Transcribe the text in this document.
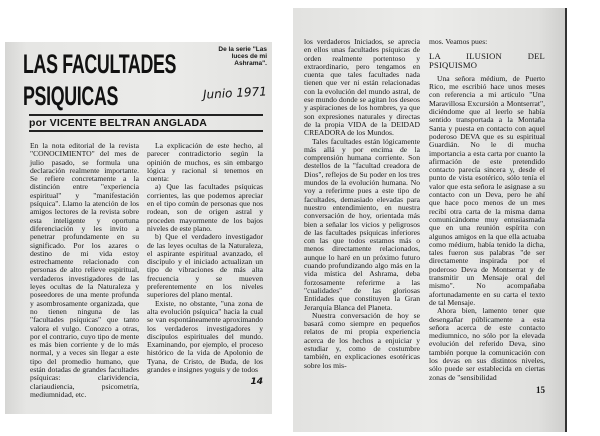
LAS FACULTADES
PSIQUICAS
De la serie "Las luces de mi Ashrama".
Junio 1971
por VICENTE BELTRAN ANGLADA

En la nota editorial de la revista "CONOCIMIENTO" del mes de julio pasado, se formula una declaración realmente importante. Se refiere concretamente a la distinción entre "experiencia espiritual" y "manifestación psíquica". Llamo la atención de los amigos lectores de la revista sobre esta inteligente y oportuna diferenciación y les invito a penetrar profundamente en su significado. Por los azares o destino de mi vida estoy estrechamente relacionado con personas de alto relieve espiritual, verdaderos investigadores de las leyes ocultas de la Naturaleza y poseedores de una mente profunda y asombrosamente organizada, que no tienen ninguna de las "facultades psíquicas" que tanto valora el vulgo. Conozco a otras, por el contrario, cuyo tipo de mente es más bien corriente y de lo más normal, y a veces sin llegar a este tipo del promedio humano, que están dotadas de grandes facultades psíquicas: clarividencia, clariaudiencia, psicometría, mediumnidad, etc.

La explicación de este hecho, al parecer contradictorio según la opinión de muchos, es sin embargo lógica y racional si tenemos en cuenta:

a) Que las facultades psíquicas corrientes, las que podemos apreciar en el tipo común de personas que nos rodean, son de origen astral y proceden mayormente de los bajos niveles de este plano.

b) Que el verdadero investigador de las leyes ocultas de la Naturaleza, el aspirante espiritual avanzado, el discípulo y el iniciado actualizan un tipo de vibraciones de más alta frecuencia y se mueven preferentemente en los niveles superiores del plano mental.

Existe, no obstante, "una zona de alta evolución psíquica" hacia la cual se van espontáneamente aproximando los verdaderos investigadores y discípulos espirituales del mundo. Examinando, por ejemplo, el proceso histórico de la vida de Apolonio de Tyana, de Cristo, de Buda, de los grandes e insignes yoguis y de todos

14

los verdaderos Iniciados, se aprecia en ellos unas facultades psíquicas de orden realmente portentoso y extraordinario, pero tengamos en cuenta que tales facultades nada tienen que ver ni están relacionadas con la evolución del mundo astral, de ese mundo donde se agitan los deseos y aspiraciones de los hombres, ya que son expresiones naturales y directas de la propia VIDA de la DEIDAD CREADORA de los Mundos.

Tales facultades están lógicamente más allá y por encima de la comprensión humana corriente. Son destellos de la "facultad creadora de Dios", reflejos de Su poder en los tres mundos de la evolución humana. No voy a referirme pues a este tipo de facultades, demasiado elevadas para nuestro entendimiento, en nuestra conversación de hoy, orientada más bien a señalar los vicios y peligrosos de las facultades psíquicas inferiores con las que todos estamos más o menos directamente relacionados, aunque lo haré en un próximo futuro cuando profundizando algo más en la vida mística del Ashrama, deba forzosamente referirme a las "cualidades" de las gloriosas Entidades que constituyen la Gran Jerarquía Blanca del Planeta.

Nuestra conversación de hoy se basará como siempre en pequeños relatos de mi propia experiencia acerca de los hechos a enjuiciar y estudiar y, como de costumbre también, en explicaciones esotéricas sobre los mis-

mos. Veamos pues:

LA ILUSION DEL PSIQUISMO

Una señora médium, de Puerto Rico, me escribió hace unos meses con referencia a mi artículo "Una Maravillosa Excursión a Montserrat", diciéndome que al leerlo se había sentido transportada a la Montaña Santa y puesta en contacto con aquel poderoso DEVA que es su espiritual Guardián. No le di mucha importancia a esta carta por cuanto la afirmación de este pretendido contacto parecía sincera y, desde el punto de vista esotérico, sólo tenía el valor que esta señora le asignase a su contacto con un Deva, pero he ahí que hace poco menos de un mes recibí otra carta de la misma dama comunicándome muy entusiasmada que en una reunión espírita con algunos amigos en la que ella actuaba como médium, había tenido la dicha, tales fueron sus palabras "de ser directamente inspirada por el poderoso Deva de Montserrat y de transmitir un Mensaje oral del mismo". No acompañaba afortunadamente en su carta el texto de tal Mensaje.

Ahora bien, lamento tener que desengañar públicamente a esta señora acerca de este contacto mediumnico, no sólo por la elevada evolución del referido Deva, sino también porque la comunicación con los devas en sus distintos niveles, sólo puede ser establecida en ciertas zonas de "sensibilidad

15
